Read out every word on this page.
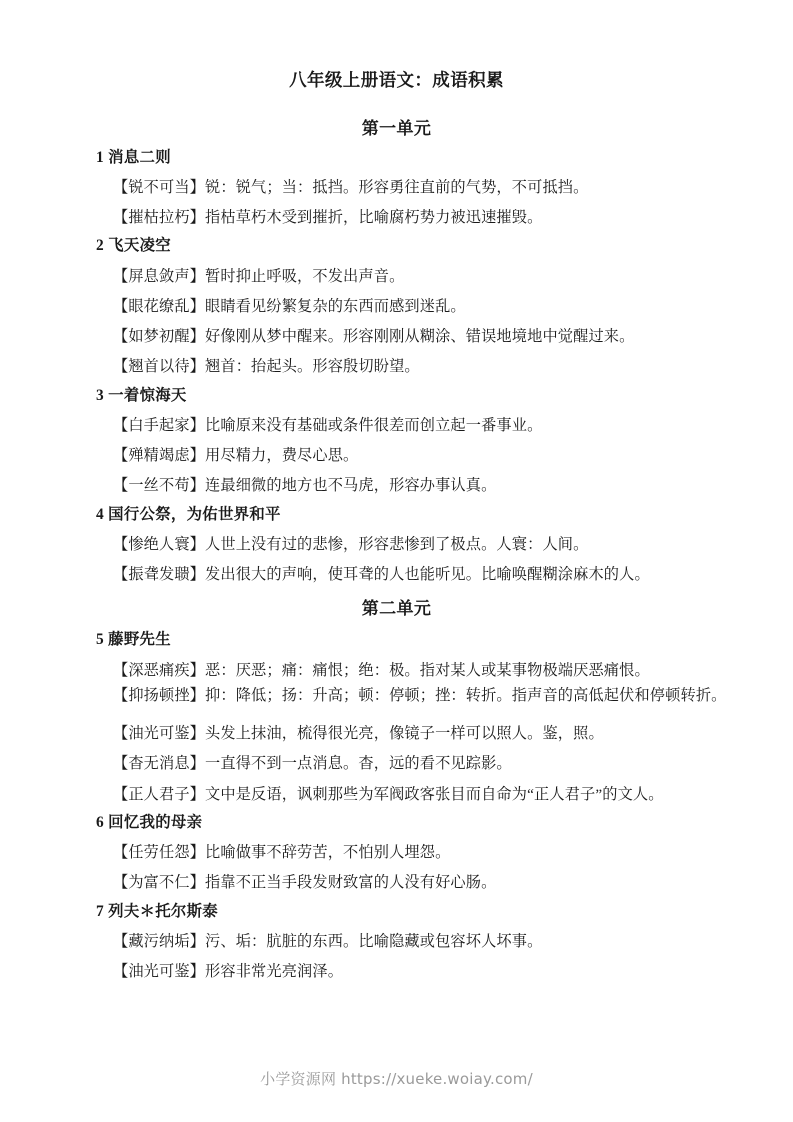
八年级上册语文：成语积累
第一单元
1 消息二则
【锐不可当】锐：锐气；当：抵挡。形容勇往直前的气势，不可抵挡。
【摧枯拉朽】指枯草朽木受到摧折，比喻腐朽势力被迅速摧毁。
2 飞天凌空
【屏息敛声】暂时抑止呼吸，不发出声音。
【眼花缭乱】眼睛看见纷繁复杂的东西而感到迷乱。
【如梦初醒】好像刚从梦中醒来。形容刚刚从糊涂、错误地境地中觉醒过来。
【翘首以待】翘首：抬起头。形容殷切盼望。
3 一着惊海天
【白手起家】比喻原来没有基础或条件很差而创立起一番事业。
【殚精竭虑】用尽精力，费尽心思。
【一丝不苟】连最细微的地方也不马虎，形容办事认真。
4 国行公祭，为佑世界和平
【惨绝人寰】人世上没有过的悲惨，形容悲惨到了极点。人寰：人间。
【振聋发聩】发出很大的声响，使耳聋的人也能听见。比喻唤醒糊涂麻木的人。
第二单元
5 藤野先生
【深恶痛疾】恶：厌恶；痛：痛恨；绝：极。指对某人或某事物极端厌恶痛恨。
【抑扬顿挫】抑：降低；扬：升高；顿：停顿；挫：转折。指声音的高低起伏和停顿转折。
【油光可鉴】头发上抹油，梳得很光亮，像镜子一样可以照人。鉴，照。
【杳无消息】一直得不到一点消息。杳，远的看不见踪影。
【正人君子】文中是反语，讽刺那些为军阀政客张目而自命为“正人君子”的文人。
6 回忆我的母亲
【任劳任怨】比喻做事不辞劳苦，不怕别人埋怨。
【为富不仁】指靠不正当手段发财致富的人没有好心肠。
7 列夫＊托尔斯泰
【藏污纳垢】污、垢：肮脏的东西。比喻隐藏或包容坏人坏事。
【油光可鉴】形容非常光亮润泽。
小学资源网 https://xueke.woiay.com/
